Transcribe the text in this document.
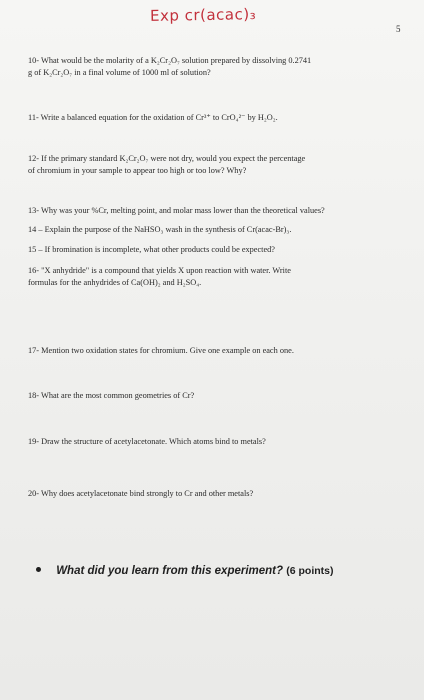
Exp cr(acac)₃
5
10- What would be the molarity of a K₂Cr₂O₇ solution prepared by dissolving 0.2741
g of K₂Cr₂O₇ in a final volume of 1000 ml of solution?
11- Write a balanced equation for the oxidation of Cr³⁺ to CrO₄²⁻ by H₂O₂.
12- If the primary standard K₂Cr₂O₇ were not dry, would you expect the percentage
of chromium in your sample to appear too high or too low? Why?
13- Why was your %Cr, melting point, and molar mass lower than the theoretical values?
14 – Explain the purpose of the NaHSO₃ wash in the synthesis of Cr(acac-Br)₃.
15 – If bromination is incomplete, what other products could be expected?
16- "X anhydride" is a compound that yields X upon reaction with water. Write
formulas for the anhydrides of Ca(OH)₂ and H₂SO₄.
17- Mention two oxidation states for chromium. Give one example on each one.
18- What are the most common geometries of Cr?
19- Draw the structure of acetylacetonate. Which atoms bind to metals?
20- Why does acetylacetonate bind strongly to Cr and other metals?
What did you learn from this experiment? (6 points)
